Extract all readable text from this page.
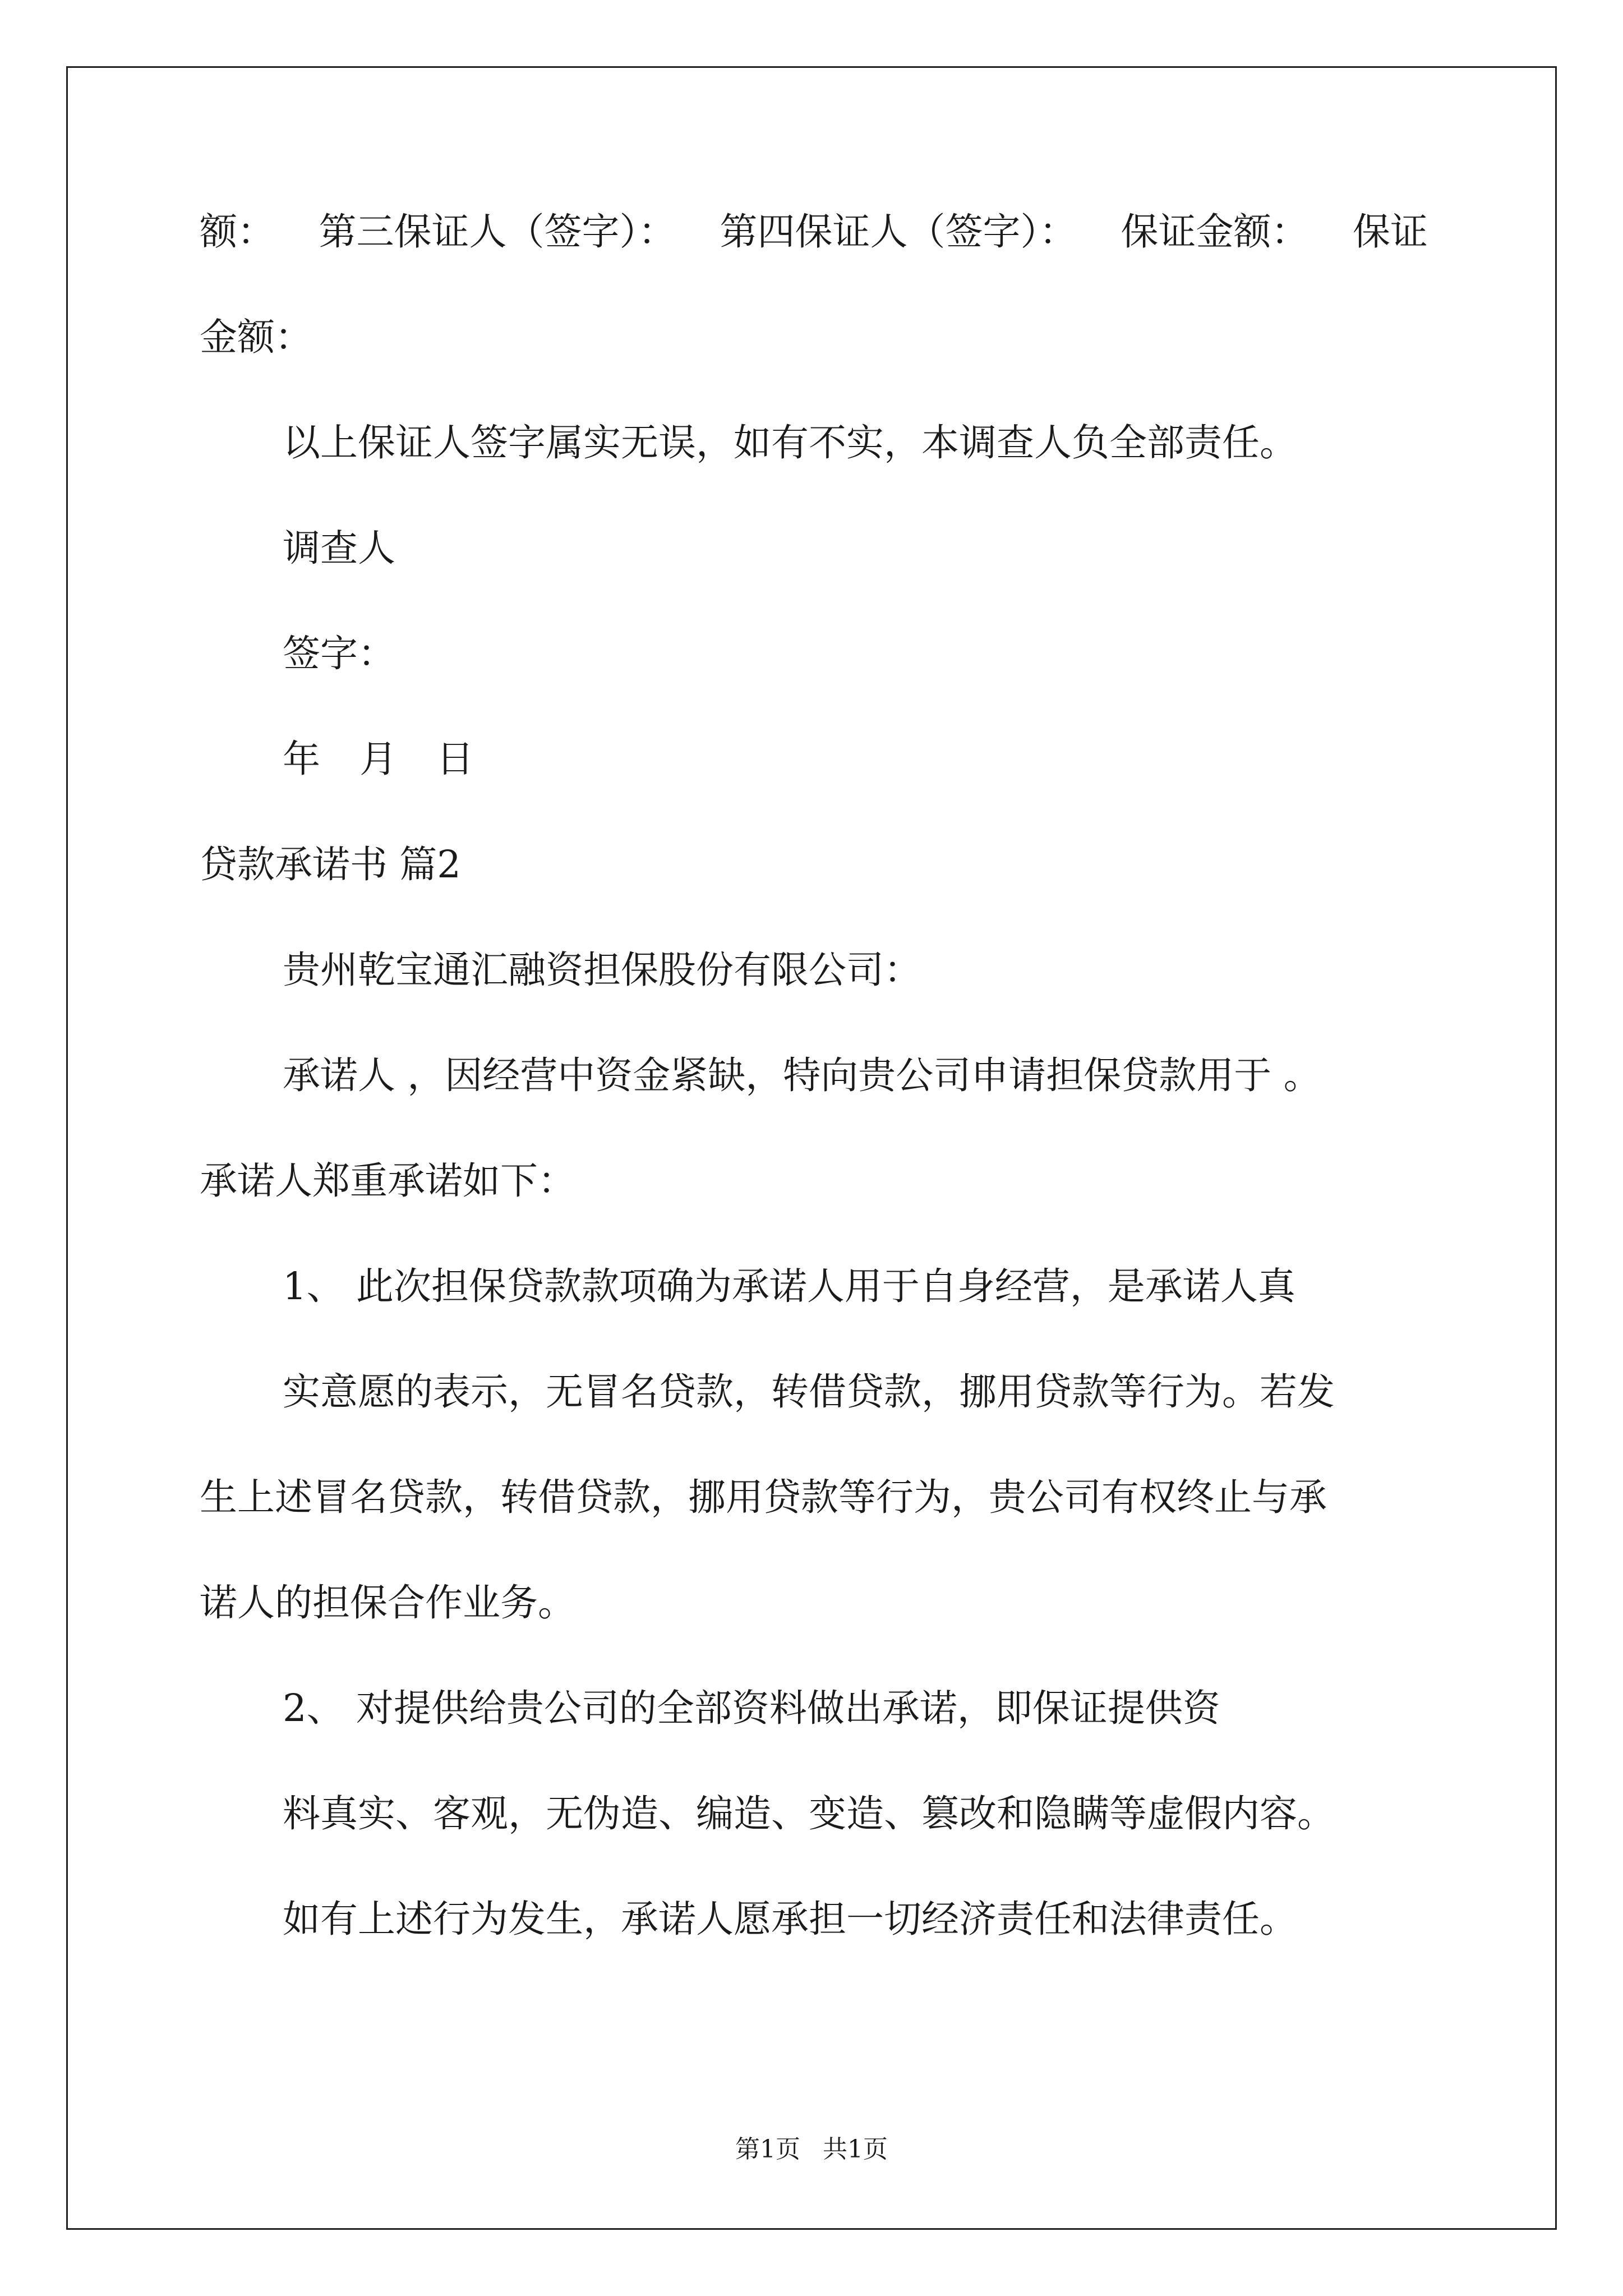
额： 第三保证人（签字）： 第四保证人（签字）： 保证金额： 保证
金额：
以上保证人签字属实无误，如有不实，本调查人负全部责任。
调查人
签字：
年 月 日
贷款承诺书 篇2
贵州乾宝通汇融资担保股份有限公司：
承诺人 ，因经营中资金紧缺，特向贵公司申请担保贷款用于 。
承诺人郑重承诺如下：
1、 此次担保贷款款项确为承诺人用于自身经营，是承诺人真
实意愿的表示，无冒名贷款，转借贷款，挪用贷款等行为。若发
生上述冒名贷款，转借贷款，挪用贷款等行为，贵公司有权终止与承
诺人的担保合作业务。
2、 对提供给贵公司的全部资料做出承诺，即保证提供资
料真实、客观，无伪造、编造、变造、篡改和隐瞒等虚假内容。
如有上述行为发生，承诺人愿承担一切经济责任和法律责任。
第1页 共1页
